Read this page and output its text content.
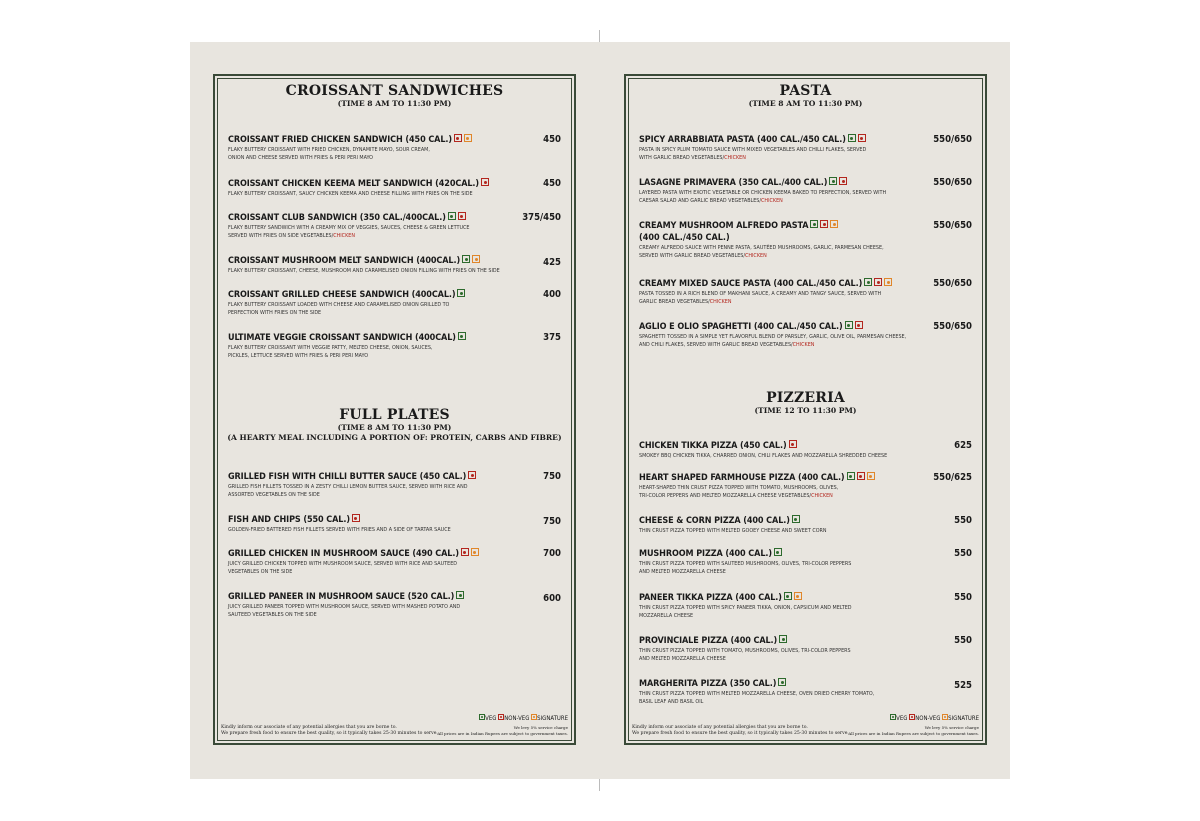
CROISSANT SANDWICHES
(TIME 8 AM TO 11:30 PM)
CROISSANT FRIED CHICKEN SANDWICH (450 CAL.)	450
FLAKY BUTTERY CROISSANT WITH FRIED CHICKEN, DYNAMITE MAYO, SOUR CREAM,
ONION AND CHEESE SERVED WITH FRIES & PERI PERI MAYO
CROISSANT CHICKEN KEEMA MELT SANDWICH (420CAL.)	450
FLAKY BUTTERY CROISSANT, SAUCY CHICKEN KEEMA AND CHEESE FILLING WITH FRIES ON THE SIDE
CROISSANT CLUB SANDWICH (350 CAL./400CAL.)	375/450
FLAKY BUTTERY SANDWICH WITH A CREAMY MIX OF VEGGIES, SAUCES, CHEESE & GREEN LETTUCE
SERVED WITH FRIES ON SIDE VEGETABLES/CHICKEN
CROISSANT MUSHROOM MELT SANDWICH (400CAL.)	425
FLAKY BUTTERY CROISSANT, CHEESE, MUSHROOM AND CARAMELISED ONION FILLING WITH FRIES ON THE SIDE
CROISSANT GRILLED CHEESE SANDWICH (400CAL.)	400
FLAKY BUTTERY CROISSANT LOADED WITH CHEESE AND CARAMELISED ONION GRILLED TO
PERFECTION WITH FRIES ON THE SIDE
ULTIMATE VEGGIE CROISSANT SANDWICH (400CAL)	375
FLAKY BUTTERY CROISSANT WITH VEGGIE PATTY, MELTED CHEESE, ONION, SAUCES,
PICKLES, LETTUCE SERVED WITH FRIES & PERI PERI MAYO
FULL PLATES
(TIME 8 AM TO 11:30 PM)
(A HEARTY MEAL INCLUDING A PORTION OF: PROTEIN, CARBS AND FIBRE)
GRILLED FISH WITH CHILLI BUTTER SAUCE (450 CAL.)	750
GRILLED FISH FILLETS TOSSED IN A ZESTY CHILLI LEMON BUTTER SAUCE, SERVED WITH RICE AND
ASSORTED VEGETABLES ON THE SIDE
FISH AND CHIPS (550 CAL.)	750
GOLDEN-FRIED BATTERED FISH FILLETS SERVED WITH FRIES AND A SIDE OF TARTAR SAUCE
GRILLED CHICKEN IN MUSHROOM SAUCE (490 CAL.)	700
JUICY GRILLED CHICKEN TOPPED WITH MUSHROOM SAUCE, SERVED WITH RICE AND SAUTEED
VEGETABLES ON THE SIDE
GRILLED PANEER IN MUSHROOM SAUCE (520 CAL.)	600
JUICY GRILLED PANEER TOPPED WITH MUSHROOM SAUCE, SERVED WITH MASHED POTATO AND
SAUTEED VEGETABLES ON THE SIDE
VEG NON-VEG SIGNATURE
Kindly inform our associate of any potential allergies that you are borne to.
We prepare fresh food to ensure the best quality, so it typically takes 25-30 minutes to serve.
We levy 5% service charge
All prices are in Indian Rupees are subject to government taxes.
PASTA
(TIME 8 AM TO 11:30 PM)
SPICY ARRABBIATA PASTA (400 CAL./450 CAL.)	550/650
PASTA IN SPICY PLUM TOMATO SAUCE WITH MIXED VEGETABLES AND CHILLI FLAKES, SERVED
WITH GARLIC BREAD VEGETABLES/CHICKEN
LASAGNE PRIMAVERA (350 CAL./400 CAL.)	550/650
LAYERED PASTA WITH EXOTIC VEGETABLE OR CHICKEN KEEMA BAKED TO PERFECTION, SERVED WITH
CAESAR SALAD AND GARLIC BREAD VEGETABLES/CHICKEN
CREAMY MUSHROOM ALFREDO PASTA
(400 CAL./450 CAL.)
550/650
CREAMY ALFREDO SAUCE WITH PENNE PASTA, SAUTÉED MUSHROOMS, GARLIC, PARMESAN CHEESE,
SERVED WITH GARLIC BREAD VEGETABLES/CHICKEN
CREAMY MIXED SAUCE PASTA (400 CAL./450 CAL.)	550/650
PASTA TOSSED IN A RICH BLEND OF MAKHANI SAUCE, A CREAMY AND TANGY SAUCE, SERVED WITH
GARLIC BREAD VEGETABLES/CHICKEN
AGLIO E OLIO SPAGHETTI (400 CAL./450 CAL.)	550/650
SPAGHETTI TOSSED IN A SIMPLE YET FLAVORFUL BLEND OF PARSLEY, GARLIC, OLIVE OIL, PARMESAN CHEESE,
AND CHILI FLAKES, SERVED WITH GARLIC BREAD VEGETABLES/CHICKEN
PIZZERIA
(TIME 12 TO 11:30 PM)
CHICKEN TIKKA PIZZA (450 CAL.)	625
SMOKEY BBQ CHICKEN TIKKA, CHARRED ONION, CHILI FLAKES AND MOZZARELLA SHREDDED CHEESE
HEART SHAPED FARMHOUSE PIZZA (400 CAL.)	550/625
HEART-SHAPED THIN CRUST PIZZA TOPPED WITH TOMATO, MUSHROOMS, OLIVES,
TRI-COLOR PEPPERS AND MELTED MOZZARELLA CHEESE VEGETABLES/CHICKEN
CHEESE & CORN PIZZA (400 CAL.)	550
THIN CRUST PIZZA TOPPED WITH MELTED GOOEY CHEESE AND SWEET CORN
MUSHROOM PIZZA (400 CAL.)	550
THIN CRUST PIZZA TOPPED WITH SAUTEED MUSHROOMS, OLIVES, TRI-COLOR PEPPERS
AND MELTED MOZZARELLA CHEESE
PANEER TIKKA PIZZA (400 CAL.)	550
THIN CRUST PIZZA TOPPED WITH SPICY PANEER TIKKA, ONION, CAPSICUM AND MELTED
MOZZARELLA CHEESE
PROVINCIALE PIZZA (400 CAL.)	550
THIN CRUST PIZZA TOPPED WITH TOMATO, MUSHROOMS, OLIVES, TRI-COLOR PEPPERS
AND MELTED MOZZARELLA CHEESE
MARGHERITA PIZZA (350 CAL.)	525
THIN CRUST PIZZA TOPPED WITH MELTED MOZZARELLA CHEESE, OVEN DRIED CHERRY TOMATO,
BASIL LEAF AND BASIL OIL
VEG NON-VEG SIGNATURE
Kindly inform our associate of any potential allergies that you are borne to.
We prepare fresh food to ensure the best quality, so it typically takes 25-30 minutes to serve.
We levy 5% service charge
All prices are in Indian Rupees are subject to government taxes.
